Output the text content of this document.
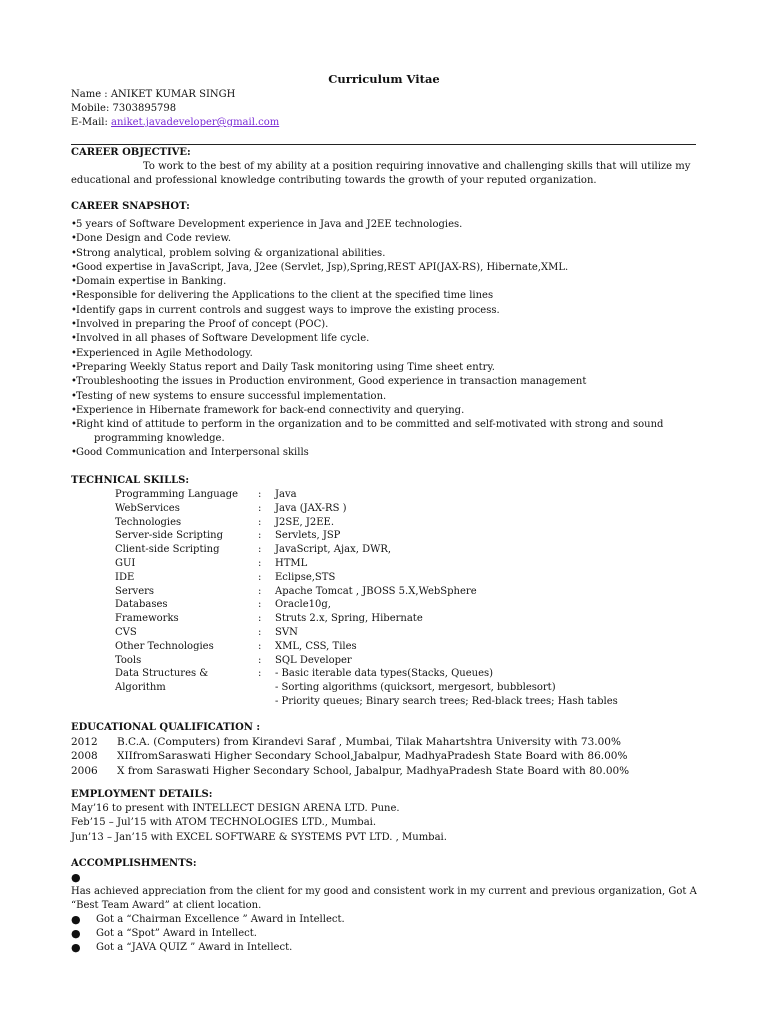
Curriculum Vitae
Name : ANIKET KUMAR SINGH
Mobile: 7303895798
E-Mail: aniket.javadeveloper@gmail.com
CAREER OBJECTIVE:
To work to the best of my ability at a position requiring innovative and challenging skills that will utilize my
educational and professional knowledge contributing towards the growth of your reputed organization.
CAREER SNAPSHOT:
•5 years of Software Development experience in Java and J2EE technologies.
•Done Design and Code review.
•Strong analytical, problem solving & organizational abilities.
•Good expertise in JavaScript, Java, J2ee (Servlet, Jsp),Spring,REST API(JAX-RS), Hibernate,XML.
•Domain expertise in Banking.
•Responsible for delivering the Applications to the client at the specified time lines
•Identify gaps in current controls and suggest ways to improve the existing process.
•Involved in preparing the Proof of concept (POC).
•Involved in all phases of Software Development life cycle.
•Experienced in Agile Methodology.
•Preparing Weekly Status report and Daily Task monitoring using Time sheet entry.
•Troubleshooting the issues in Production environment, Good experience in transaction management
•Testing of new systems to ensure successful implementation.
•Experience in Hibernate framework for back-end connectivity and querying.
•Right kind of attitude to perform in the organization and to be committed and self-motivated with strong and sound
programming knowledge.
•Good Communication and Interpersonal skills
TECHNICAL SKILLS:
Programming Language	:	Java
WebServices	:	Java (JAX-RS )
Technologies	:	J2SE, J2EE.
Server-side Scripting	:	Servlets, JSP
Client-side Scripting	:	JavaScript, Ajax, DWR,
GUI	:	HTML
IDE	:	Eclipse,STS
Servers	:	Apache Tomcat , JBOSS 5.X,WebSphere
Databases	:	Oracle10g,
Frameworks	:	Struts 2.x, Spring, Hibernate
CVS	:	SVN
Other Technologies	:	XML, CSS, Tiles
Tools	:	SQL Developer
Data Structures &	:	- Basic iterable data types(Stacks, Queues)
Algorithm	- Sorting algorithms (quicksort, mergesort, bubblesort)
- Priority queues; Binary search trees; Red-black trees; Hash tables
EDUCATIONAL QUALIFICATION :
2012	B.C.A. (Computers) from Kirandevi Saraf , Mumbai, Tilak Mahartshtra University with 73.00%
2008	XIIfromSaraswati Higher Secondary School,Jabalpur, MadhyaPradesh State Board with 86.00%
2006	X from Saraswati Higher Secondary School, Jabalpur, MadhyaPradesh State Board with 80.00%
EMPLOYMENT DETAILS:
May’16 to present with INTELLECT DESIGN ARENA LTD. Pune.
Feb’15 – Jul’15 with ATOM TECHNOLOGIES LTD., Mumbai.
Jun’13 – Jan’15 with EXCEL SOFTWARE & SYSTEMS PVT LTD. , Mumbai.
ACCOMPLISHMENTS:
●
Has achieved appreciation from the client for my good and consistent work in my current and previous organization, Got A
“Best Team Award” at client location.
●	Got a “Chairman Excellence ” Award in Intellect.
●	Got a “Spot” Award in Intellect.
●	Got a “JAVA QUIZ ” Award in Intellect.
